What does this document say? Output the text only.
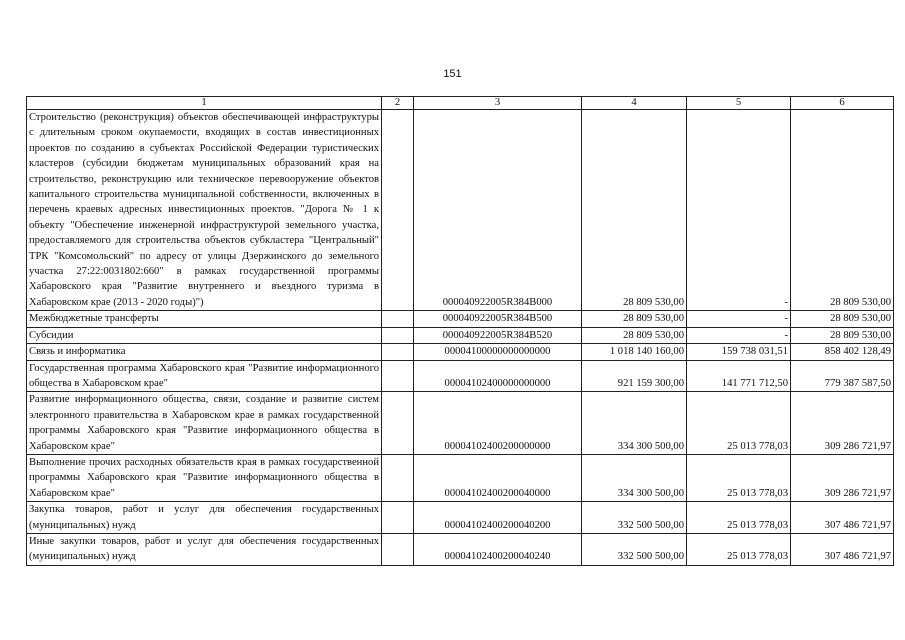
151
1	2	3	4	5	6
Строительство (реконструкция) объектов обеспечивающей инфраструктуры с длительным сроком окупаемости, входящих в состав инвестиционных проектов по созданию в субъектах Российской Федерации туристических кластеров (субсидии бюджетам муниципальных образований края на строительство, реконструкцию или техническое перевооружение объектов капитального строительства муниципальной собственности, включенных в перечень краевых адресных инвестиционных проектов. "Дорога № 1 к объекту "Обеспечение инженерной инфраструктурой земельного участка, предоставляемого для строительства объектов субкластера "Центральный" ТРК "Комсомольский" по адресу от улицы Дзержинского до земельного участка 27:22:0031802:660" в рамках государственной программы Хабаровского края "Развитие внутреннего и въездного туризма в Хабаровском крае (2013 - 2020 годы)")		000040922005R384B000	28 809 530,00	-	28 809 530,00
Межбюджетные трансферты		000040922005R384B500	28 809 530,00	-	28 809 530,00
Субсидии		000040922005R384B520	28 809 530,00	-	28 809 530,00
Связь и информатика		00004100000000000000	1 018 140 160,00	159 738 031,51	858 402 128,49
Государственная программа Хабаровского края "Развитие информационного общества в Хабаровском крае"		00004102400000000000	921 159 300,00	141 771 712,50	779 387 587,50
Развитие информационного общества, связи, создание и развитие систем электронного правительства в Хабаровском крае в рамках государственной программы Хабаровского края "Развитие информационного общества в Хабаровском крае"		00004102400200000000	334 300 500,00	25 013 778,03	309 286 721,97
Выполнение прочих расходных обязательств края в рамках государственной программы Хабаровского края "Развитие информационного общества в Хабаровском крае"		00004102400200040000	334 300 500,00	25 013 778,03	309 286 721,97
Закупка товаров, работ и услуг для обеспечения государственных (муниципальных) нужд		00004102400200040200	332 500 500,00	25 013 778,03	307 486 721,97
Иные закупки товаров, работ и услуг для обеспечения государственных (муниципальных) нужд		00004102400200040240	332 500 500,00	25 013 778,03	307 486 721,97
